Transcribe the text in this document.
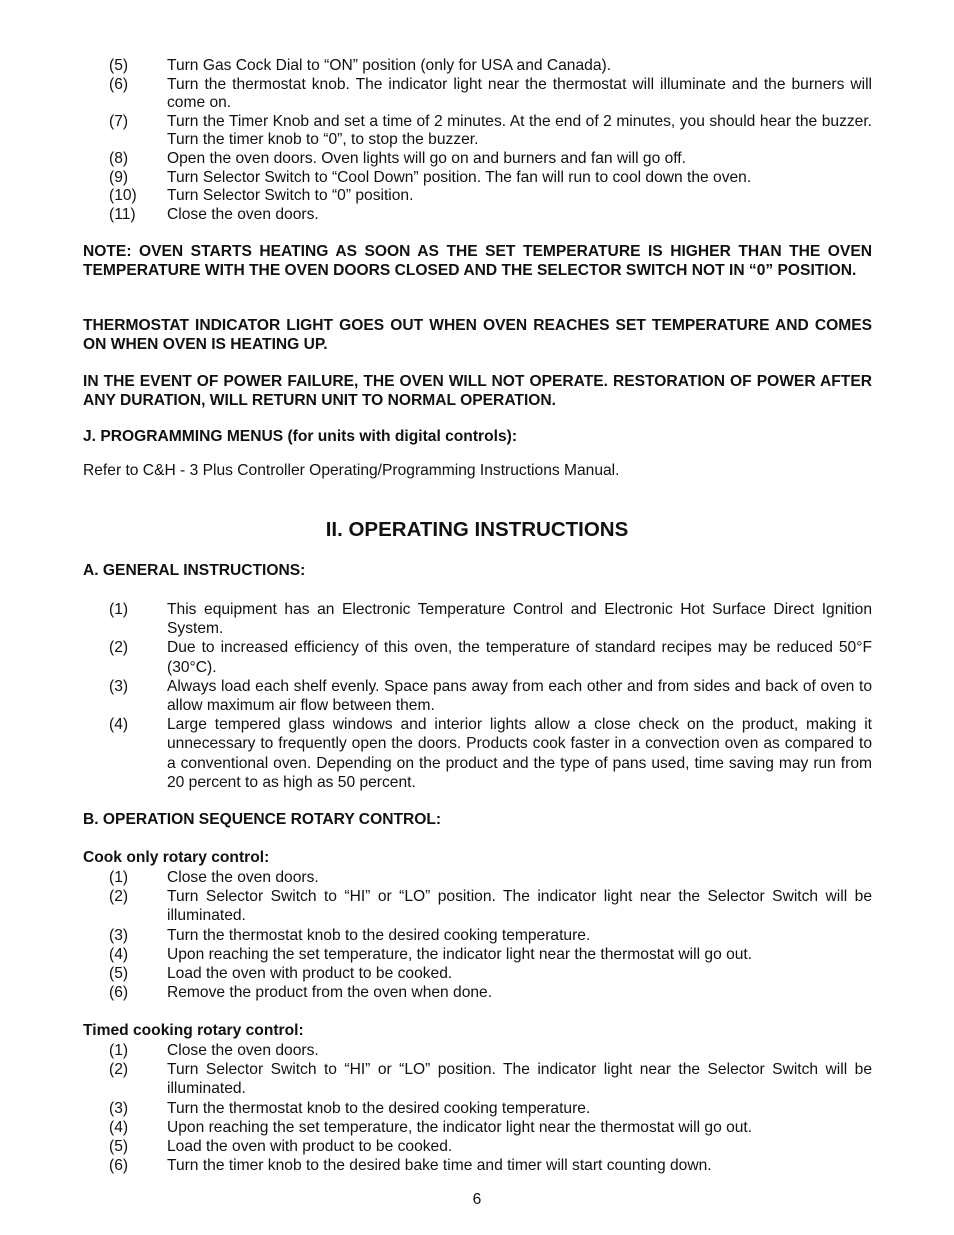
(5) Turn Gas Cock Dial to “ON” position (only for USA and Canada).
(6) Turn the thermostat knob. The indicator light near the thermostat will illuminate and the burners will come on.
(7) Turn the Timer Knob and set a time of 2 minutes. At the end of 2 minutes, you should hear the buzzer. Turn the timer knob to “0”, to stop the buzzer.
(8) Open the oven doors. Oven lights will go on and burners and fan will go off.
(9) Turn Selector Switch to “Cool Down” position. The fan will run to cool down the oven.
(10) Turn Selector Switch to “0” position.
(11) Close the oven doors.
NOTE: OVEN STARTS HEATING AS SOON AS THE SET TEMPERATURE IS HIGHER THAN THE OVEN TEMPERATURE WITH THE OVEN DOORS CLOSED AND THE SELECTOR SWITCH NOT IN “0” POSITION.
THERMOSTAT INDICATOR LIGHT GOES OUT WHEN OVEN REACHES SET TEMPERATURE AND COMES ON WHEN OVEN IS HEATING UP.
IN THE EVENT OF POWER FAILURE, THE OVEN WILL NOT OPERATE. RESTORATION OF POWER AFTER ANY DURATION, WILL RETURN UNIT TO NORMAL OPERATION.
J. PROGRAMMING MENUS (for units with digital controls):
Refer to C&H - 3 Plus Controller Operating/Programming Instructions Manual.
II. OPERATING INSTRUCTIONS
A. GENERAL INSTRUCTIONS:
(1) This equipment has an Electronic Temperature Control and Electronic Hot Surface Direct Ignition System.
(2) Due to increased efficiency of this oven, the temperature of standard recipes may be reduced 50°F (30°C).
(3) Always load each shelf evenly. Space pans away from each other and from sides and back of oven to allow maximum air flow between them.
(4) Large tempered glass windows and interior lights allow a close check on the product, making it unnecessary to frequently open the doors. Products cook faster in a convection oven as compared to a conventional oven. Depending on the product and the type of pans used, time saving may run from 20 percent to as high as 50 percent.
B. OPERATION SEQUENCE ROTARY CONTROL:
Cook only rotary control:
(1) Close the oven doors.
(2) Turn Selector Switch to “HI” or “LO” position. The indicator light near the Selector Switch will be illuminated.
(3) Turn the thermostat knob to the desired cooking temperature.
(4) Upon reaching the set temperature, the indicator light near the thermostat will go out.
(5) Load the oven with product to be cooked.
(6) Remove the product from the oven when done.
Timed cooking rotary control:
(1) Close the oven doors.
(2) Turn Selector Switch to “HI” or “LO” position. The indicator light near the Selector Switch will be illuminated.
(3) Turn the thermostat knob to the desired cooking temperature.
(4) Upon reaching the set temperature, the indicator light near the thermostat will go out.
(5) Load the oven with product to be cooked.
(6) Turn the timer knob to the desired bake time and timer will start counting down.
6
